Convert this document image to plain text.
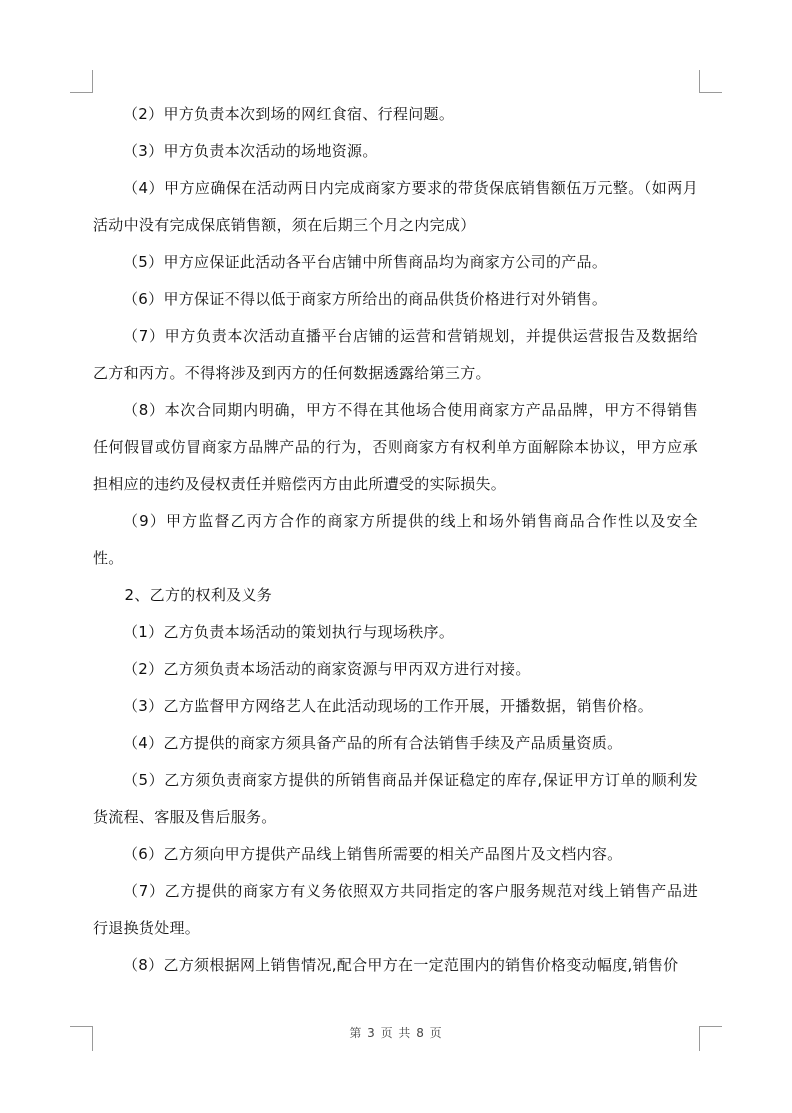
（2）甲方负责本次到场的网红食宿、行程问题。

（3）甲方负责本次活动的场地资源。

（4）甲方应确保在活动两日内完成商家方要求的带货保底销售额伍万元整。（如两月活动中没有完成保底销售额，须在后期三个月之内完成）

（5）甲方应保证此活动各平台店铺中所售商品均为商家方公司的产品。

（6）甲方保证不得以低于商家方所给出的商品供货价格进行对外销售。

（7）甲方负责本次活动直播平台店铺的运营和营销规划，并提供运营报告及数据给乙方和丙方。不得将涉及到丙方的任何数据透露给第三方。

（8）本次合同期内明确，甲方不得在其他场合使用商家方产品品牌，甲方不得销售任何假冒或仿冒商家方品牌产品的行为，否则商家方有权利单方面解除本协议，甲方应承担相应的违约及侵权责任并赔偿丙方由此所遭受的实际损失。

（9）甲方监督乙丙方合作的商家方所提供的线上和场外销售商品合作性以及安全性。

2、乙方的权利及义务

（1）乙方负责本场活动的策划执行与现场秩序。

（2）乙方须负责本场活动的商家资源与甲丙双方进行对接。

（3）乙方监督甲方网络艺人在此活动现场的工作开展，开播数据，销售价格。

（4）乙方提供的商家方须具备产品的所有合法销售手续及产品质量资质。

（5）乙方须负责商家方提供的所销售商品并保证稳定的库存,保证甲方订单的顺利发货流程、客服及售后服务。

（6）乙方须向甲方提供产品线上销售所需要的相关产品图片及文档内容。

（7）乙方提供的商家方有义务依照双方共同指定的客户服务规范对线上销售产品进行退换货处理。

（8）乙方须根据网上销售情况,配合甲方在一定范围内的销售价格变动幅度,销售价

第 3 页 共 8 页
